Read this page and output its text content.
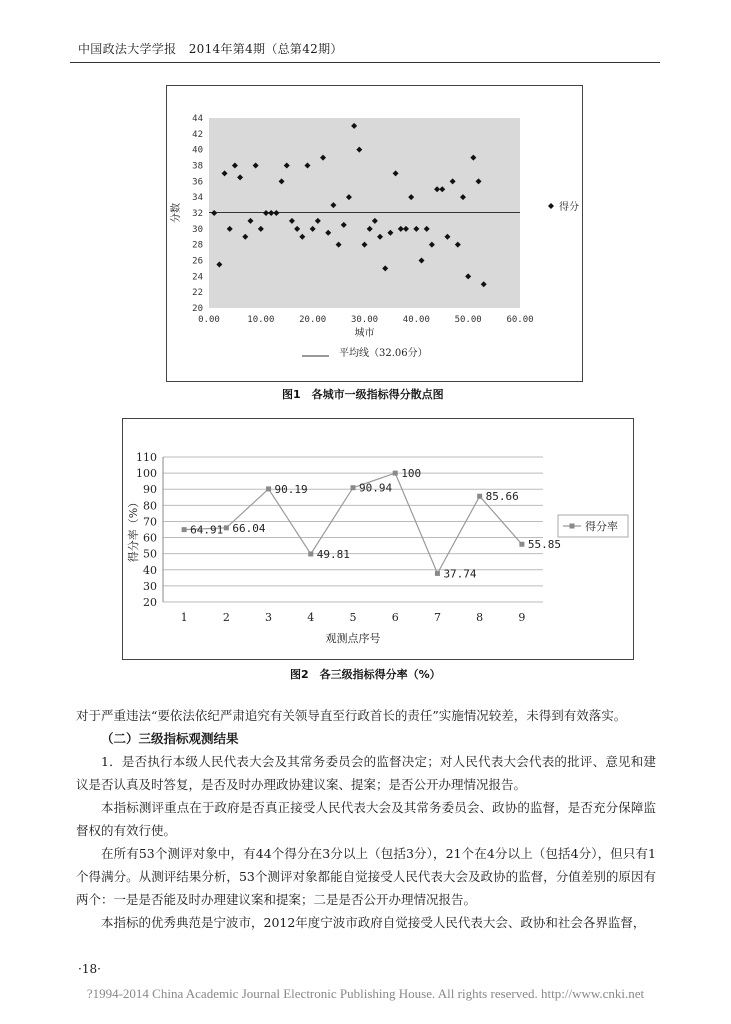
中国政法大学学报 2014年第4期（总第42期）
20
22
24
26
28
30
32
34
36
38
40
42
44
0.00	10.00	20.00	30.00	40.00	50.00	60.00
城市
分数	得分
平均线（32.06分）
图1　各城市一级指标得分散点图
20
30
40
50
60
70
80
90
100
110
1	2	3	4	5	6	7	8	9
观测点序号
得分率（%）	64.91 66.04
90.19
49.81
90.94
100
37.74
85.66
55.85
得分率
图2　各三级指标得分率（%）

对于严重违法“要依法依纪严肃追究有关领导直至行政首长的责任”实施情况较差，未得到有效落实。

（二）三级指标观测结果

1．是否执行本级人民代表大会及其常务委员会的监督决定；对人民代表大会代表的批评、意见和建议是否认真及时答复，是否及时办理政协建议案、提案；是否公开办理情况报告。

本指标测评重点在于政府是否真正接受人民代表大会及其常务委员会、政协的监督，是否充分保障监督权的有效行使。

在所有53个测评对象中，有44个得分在3分以上（包括3分），21个在4分以上（包括4分），但只有1个得满分。从测评结果分析，53个测评对象都能自觉接受人民代表大会及政协的监督，分值差别的原因有两个：一是是否能及时办理建议案和提案；二是是否公开办理情况报告。

本指标的优秀典范是宁波市，2012年度宁波市政府自觉接受人民代表大会、政协和社会各界监督，

·18·
?1994-2014 China Academic Journal Electronic Publishing House. All rights reserved. http://www.cnki.net
